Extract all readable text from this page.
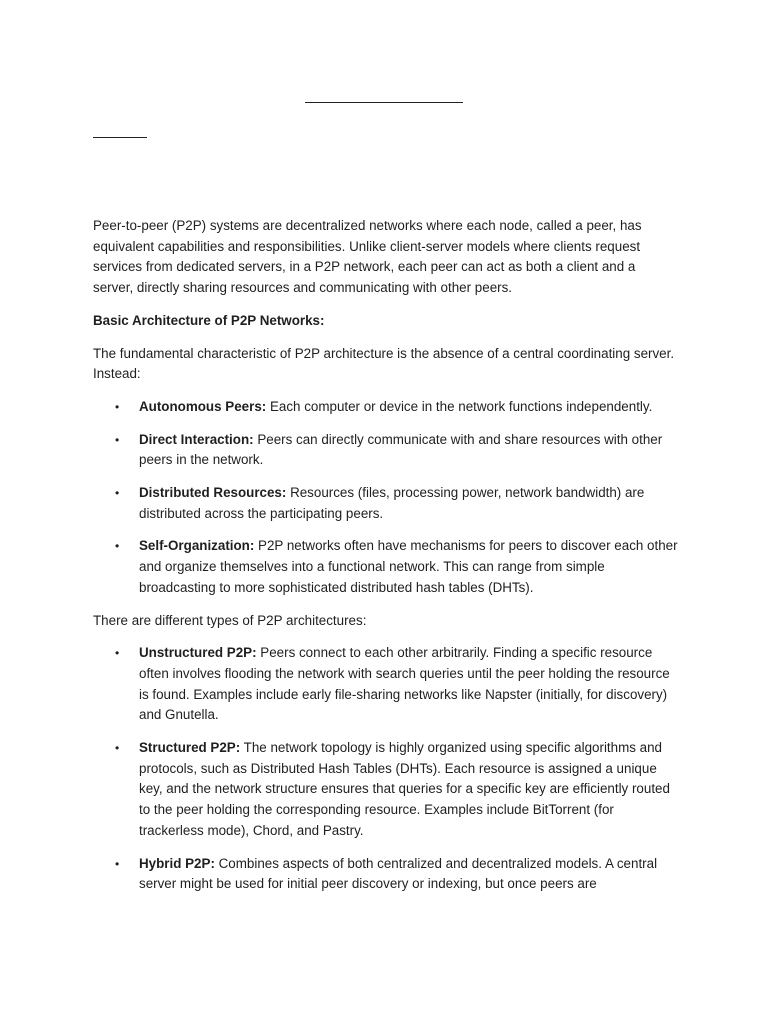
Peer-to-peer (P2P) systems are decentralized networks where each node, called a peer, has equivalent capabilities and responsibilities. Unlike client-server models where clients request services from dedicated servers, in a P2P network, each peer can act as both a client and a server, directly sharing resources and communicating with other peers.

Basic Architecture of P2P Networks:

The fundamental characteristic of P2P architecture is the absence of a central coordinating server. Instead:

• Autonomous Peers: Each computer or device in the network functions independently.
• Direct Interaction: Peers can directly communicate with and share resources with other peers in the network.
• Distributed Resources: Resources (files, processing power, network bandwidth) are distributed across the participating peers.
• Self-Organization: P2P networks often have mechanisms for peers to discover each other and organize themselves into a functional network. This can range from simple broadcasting to more sophisticated distributed hash tables (DHTs).

There are different types of P2P architectures:

• Unstructured P2P: Peers connect to each other arbitrarily. Finding a specific resource often involves flooding the network with search queries until the peer holding the resource is found. Examples include early file-sharing networks like Napster (initially, for discovery) and Gnutella.
• Structured P2P: The network topology is highly organized using specific algorithms and protocols, such as Distributed Hash Tables (DHTs). Each resource is assigned a unique key, and the network structure ensures that queries for a specific key are efficiently routed to the peer holding the corresponding resource. Examples include BitTorrent (for trackerless mode), Chord, and Pastry.
• Hybrid P2P: Combines aspects of both centralized and decentralized models. A central server might be used for initial peer discovery or indexing, but once peers are
